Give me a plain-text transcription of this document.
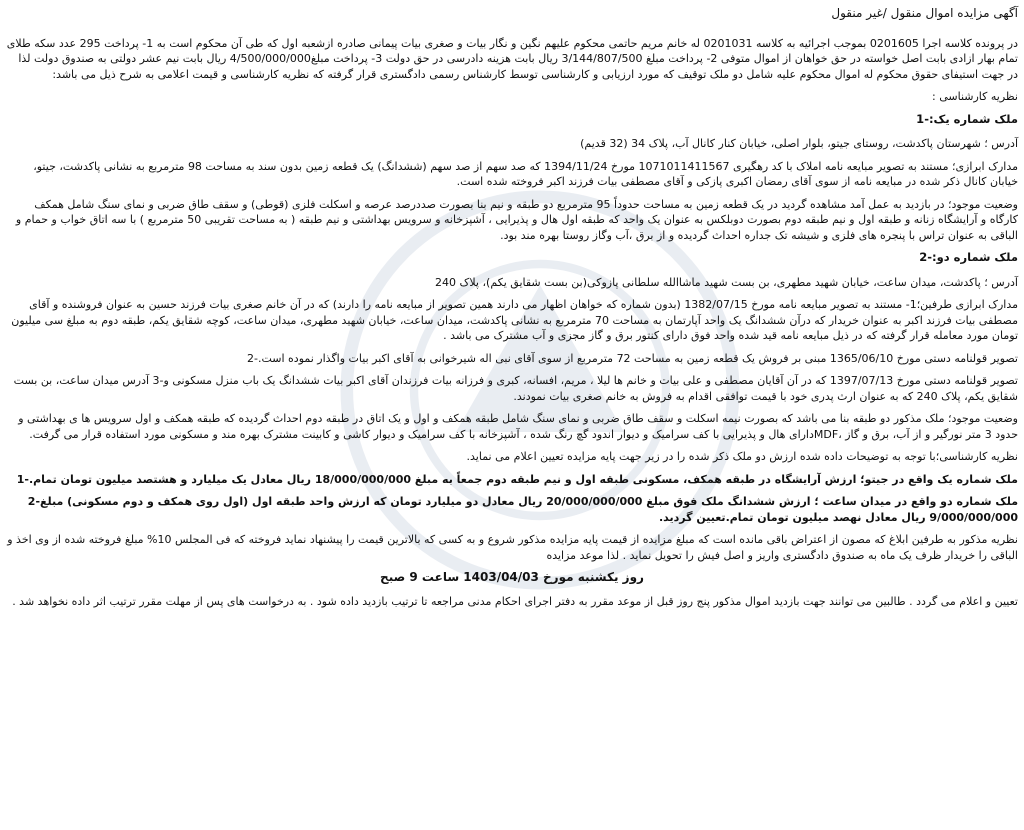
آگهی مزایده اموال منقول /غیر منقول
در پرونده کلاسه اجرا 0201605 بموجب اجرائیه به کلاسه 0201031 له خانم مریم حاتمی محکوم علیهم نگین و نگار بیات و صغری بیات پیمانی صادره ازشعبه اول که طی آن محکوم است به 1- پرداخت 295 عدد سکه طلای تمام بهار ازادی بابت اصل خواسته در حق خواهان از اموال متوفی 2- پرداخت مبلغ 3/144/807/500 ریال بابت هزینه دادرسی در حق دولت 3- پرداخت مبلغ4/500/000/000 ریال بابت نیم عشر دولتی به صندوق دولت لذا در جهت استیفای حقوق محکوم له اموال محکوم علیه شامل دو ملک توقیف که مورد ارزیابی و کارشناسی توسط کارشناس رسمی دادگستری قرار گرفته که نظریه کارشناسی و قیمت اعلامی به شرح ذیل می باشد:
نظریه کارشناسی :
ملک شماره یک:-1
آدرس ؛ شهرستان پاکدشت، روستای جیتو، بلوار اصلی، خیابان کنار کانال آب، پلاک 34 (32 قدیم)
مدارک ابرازی؛ مستند به تصویر مبایعه نامه املاک با کد رهگیری 1071011411567 مورخ 1394/11/24 که صد سهم از صد سهم (ششدانگ) یک قطعه زمین بدون سند به مساحت 98 مترمربع به نشانی پاکدشت، جیتو، خیابان کانال ذکر شده در مبایعه نامه از سوی آقای رمضان اکبری پازکی و آقای مصطفی بیات فرزند اکبر فروخته شده است.
وضعیت موجود؛ در بازدید به عمل آمد مشاهده گردید در یک قطعه زمین به مساحت حدوداً 95 مترمربع دو طبقه و نیم بنا بصورت صددرصد عرصه و اسکلت فلزی (قوطی) و سقف طاق ضربی و نمای سنگ شامل همکف کارگاه و آرایشگاه زنانه و طبقه اول و نیم طبقه دوم بصورت دوبلکس به عنوان یک واحد که طبقه اول هال و پذیرایی ، آشپزخانه و سرویس بهداشتی و نیم طبقه ( به مساحت تقریبی 50 مترمربع ) با سه اتاق خواب و حمام و الباقی به عنوان تراس با پنجره های فلزی و شیشه تک جداره احداث گردیده و از برق ،آب وگاز روستا بهره مند بود.
ملک شماره دو:-2
آدرس ؛ پاکدشت، میدان ساعت، خیابان شهید مطهری، بن بست شهید ماشاالله سلطانی پازوکی(بن بست شقایق یکم)، پلاک 240
مدارک ابرازی طرفین؛1- مستند به تصویر مبایعه نامه مورخ 1382/07/15 (بدون شماره که خواهان اظهار می دارند همین تصویر از مبایعه نامه را دارند) که در آن خانم صغری بیات فرزند حسین به عنوان فروشنده و آقای مصطفی بیات فرزند اکبر به عنوان خریدار که درآن ششدانگ یک واحد آپارتمان به مساحت 70 مترمربع به نشانی پاکدشت، میدان ساعت، خیابان شهید مطهری، میدان ساعت، کوچه شقایق یکم، طبقه دوم به مبلغ سی میلیون تومان مورد معامله قرار گرفته که در ذیل مبایعه نامه قید شده واحد فوق دارای کنتور برق و گاز مجزی و آب مشترک می باشد .
تصویر قولنامه دستی مورخ 1365/06/10 مبنی بر فروش یک قطعه زمین به مساحت 72 مترمربع از سوی آقای نبی اله شیرخوانی به آقای اکبر بیات واگذار نموده است.-2
تصویر قولنامه دستی مورخ 1397/07/13 که در آن آقایان مصطفی و علی بیات و خانم ها لیلا ، مریم، افسانه، کبری و فرزانه بیات فرزندان آقای اکبر بیات ششدانگ یک باب منزل مسکونی و-3 آدرس میدان ساعت، بن بست شقایق یکم، پلاک 240 که به عنوان ارث پدری خود با قیمت توافقی اقدام به فروش به خانم صغری بیات نمودند.
وضعیت موجود؛ ملک مذکور دو طبقه بنا می باشد که بصورت نیمه اسکلت و سقف طاق ضربی و نمای سنگ شامل طبقه همکف و اول و یک اتاق در طبقه دوم احداث گردیده که طبقه همکف و اول سرویس ها ی بهداشتی و حدود 3 متر نورگیر و از آب، برق و گاز ،MDFدارای هال و پذیرایی با کف سرامیک و دیوار اندود گچ رنگ شده ، آشپزخانه با کف سرامیک و دیوار کاشی و کابینت مشترک بهره مند و مسکونی مورد استفاده قرار می گرفت.
نظریه کارشناسی؛با توجه به توضیحات داده شده ارزش دو ملک ذکر شده را در زیر جهت پایه مزایده تعیین اعلام می نماید.
ملک شماره یک واقع در جیتو؛ ارزش آرایشگاه در طبقه همکف، مسکونی طبقه اول و نیم طبقه دوم جمعاً به مبلغ 18/000/000/000 ریال معادل یک میلیارد و هشتصد میلیون تومان تمام.-1
ملک شماره دو واقع در میدان ساعت ؛ ارزش ششدانگ ملک فوق مبلغ 20/000/000/000 ریال معادل دو میلیارد تومان که ارزش واحد طبقه اول (اول روی همکف و دوم مسکونی) مبلغ-2 9/000/000/000 ریال معادل نهصد میلیون تومان تمام.تعیین گردید.
نظریه مذکور به طرفین ابلاغ که مصون از اعتراض باقی مانده است که مبلغ مزایده از قیمت پایه مزایده مذکور شروع و به کسی که بالاترین قیمت را پیشنهاد نماید فروخته که فی المجلس 10% مبلغ فروخته شده از وی اخذ و الباقی را خریدار ظرف یک ماه به صندوق دادگستری واریز و اصل فیش را تحویل نماید . لذا موعد مزایده
روز یکشنبه مورخ 1403/04/03 ساعت 9 صبح
تعیین و اعلام می گردد . طالبین می توانند جهت بازدید اموال مذکور پنج روز قبل از موعد مقرر به دفتر اجرای احکام مدنی مراجعه تا ترتیب بازدید داده شود . به درخواست های پس از مهلت مقرر ترتیب اثر داده نخواهد شد .
